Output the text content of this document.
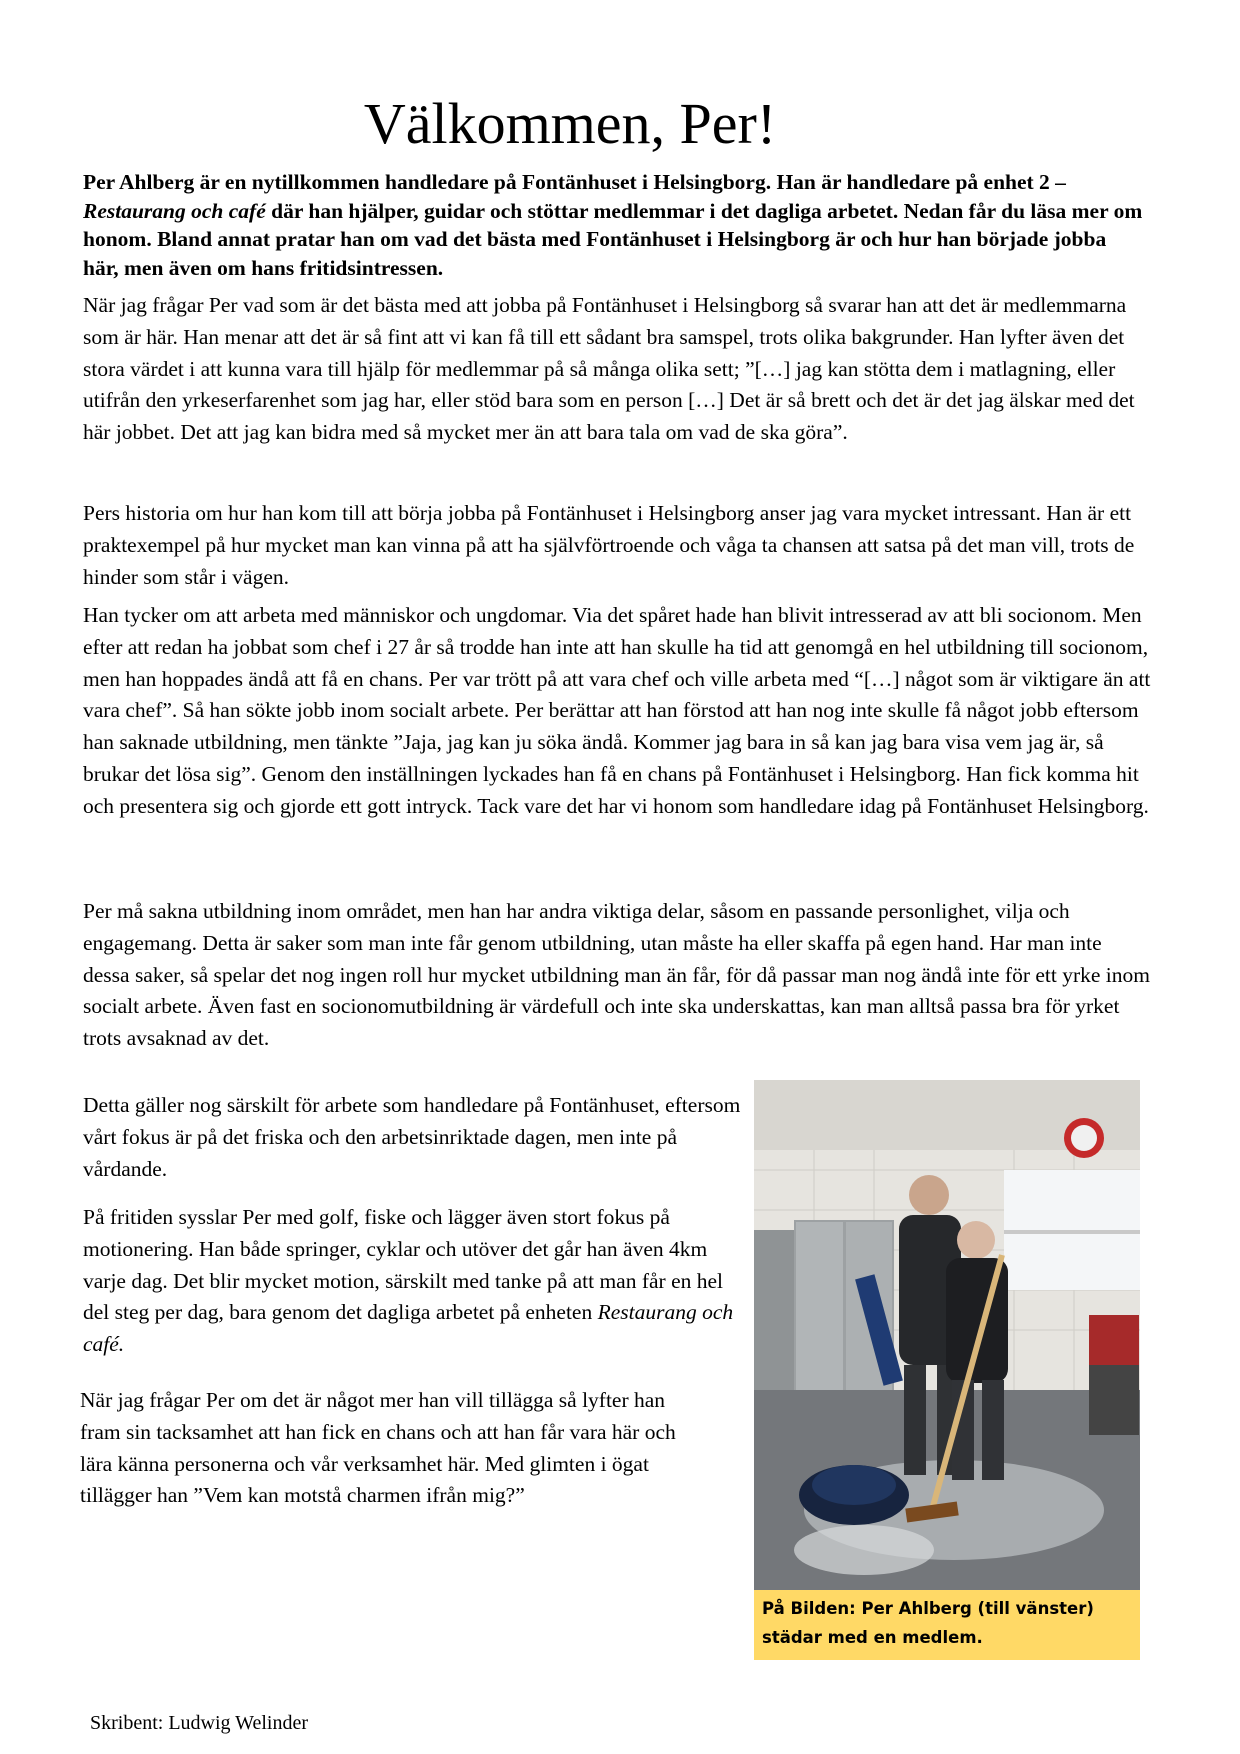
Välkommen, Per!

Per Ahlberg är en nytillkommen handledare på Fontänhuset i Helsingborg. Han är handledare på enhet 2 – Restaurang och café där han hjälper, guidar och stöttar medlemmar i det dagliga arbetet. Nedan får du läsa mer om honom. Bland annat pratar han om vad det bästa med Fontänhuset i Helsingborg är och hur han började jobba här, men även om hans fritidsintressen.

När jag frågar Per vad som är det bästa med att jobba på Fontänhuset i Helsingborg så svarar han att det är medlemmarna som är här. Han menar att det är så fint att vi kan få till ett sådant bra samspel, trots olika bakgrunder. Han lyfter även det stora värdet i att kunna vara till hjälp för medlemmar på så många olika sett; ”[…] jag kan stötta dem i matlagning, eller utifrån den yrkeserfarenhet som jag har, eller stöd bara som en person […] Det är så brett och det är det jag älskar med det här jobbet. Det att jag kan bidra med så mycket mer än att bara tala om vad de ska göra”.

Pers historia om hur han kom till att börja jobba på Fontänhuset i Helsingborg anser jag vara mycket intressant. Han är ett praktexempel på hur mycket man kan vinna på att ha självförtroende och våga ta chansen att satsa på det man vill, trots de hinder som står i vägen.

Han tycker om att arbeta med människor och ungdomar. Via det spåret hade han blivit intresserad av att bli socionom. Men efter att redan ha jobbat som chef i 27 år så trodde han inte att han skulle ha tid att genomgå en hel utbildning till socionom, men han hoppades ändå att få en chans. Per var trött på att vara chef och ville arbeta med “[…] något som är viktigare än att vara chef”. Så han sökte jobb inom socialt arbete. Per berättar att han förstod att han nog inte skulle få något jobb eftersom han saknade utbildning, men tänkte ”Jaja, jag kan ju söka ändå. Kommer jag bara in så kan jag bara visa vem jag är, så brukar det lösa sig”. Genom den inställningen lyckades han få en chans på Fontänhuset i Helsingborg. Han fick komma hit och presentera sig och gjorde ett gott intryck. Tack vare det har vi honom som handledare idag på Fontänhuset Helsingborg.

Per må sakna utbildning inom området, men han har andra viktiga delar, såsom en passande personlighet, vilja och engagemang. Detta är saker som man inte får genom utbildning, utan måste ha eller skaffa på egen hand. Har man inte dessa saker, så spelar det nog ingen roll hur mycket utbildning man än får, för då passar man nog ändå inte för ett yrke inom socialt arbete. Även fast en socionomutbildning är värdefull och inte ska underskattas, kan man alltså passa bra för yrket trots avsaknad av det.

Detta gäller nog särskilt för arbete som handledare på Fontänhuset, eftersom vårt fokus är på det friska och den arbetsinriktade dagen, men inte på vårdande.

På fritiden sysslar Per med golf, fiske och lägger även stort fokus på motionering. Han både springer, cyklar och utöver det går han även 4km varje dag. Det blir mycket motion, särskilt med tanke på att man får en hel del steg per dag, bara genom det dagliga arbetet på enheten Restaurang och café.

När jag frågar Per om det är något mer han vill tillägga så lyfter han fram sin tacksamhet att han fick en chans och att han får vara här och lära känna personerna och vår verksamhet här. Med glimten i ögat tillägger han ”Vem kan motstå charmen ifrån mig?”

På Bilden: Per Ahlberg (till vänster) städar med en medlem.

Skribent: Ludwig Welinder
